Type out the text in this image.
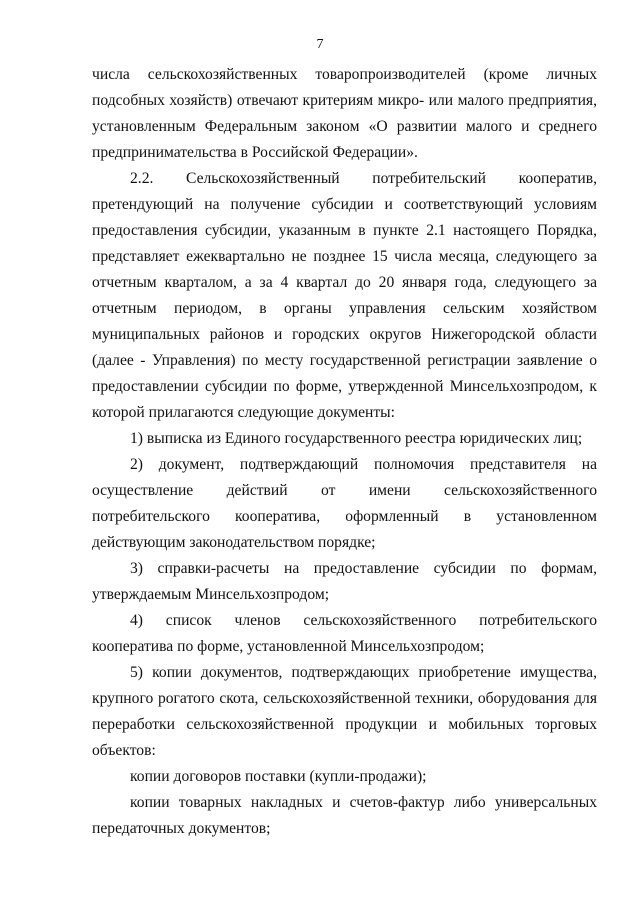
7

числа сельскохозяйственных товаропроизводителей (кроме личных подсобных хозяйств) отвечают критериям микро- или малого предприятия, установленным Федеральным законом «О развитии малого и среднего предпринимательства в Российской Федерации».

2.2. Сельскохозяйственный потребительский кооператив, претендующий на получение субсидии и соответствующий условиям предоставления субсидии, указанным в пункте 2.1 настоящего Порядка, представляет ежеквартально не позднее 15 числа месяца, следующего за отчетным кварталом, а за 4 квартал до 20 января года, следующего за отчетным периодом, в органы управления сельским хозяйством муниципальных районов и городских округов Нижегородской области (далее - Управления) по месту государственной регистрации заявление о предоставлении субсидии по форме, утвержденной Минсельхозпродом, к которой прилагаются следующие документы:

1) выписка из Единого государственного реестра юридических лиц;

2) документ, подтверждающий полномочия представителя на осуществление действий от имени сельскохозяйственного потребительского кооператива, оформленный в установленном действующим законодательством порядке;

3) справки-расчеты на предоставление субсидии по формам, утверждаемым Минсельхозпродом;

4) список членов сельскохозяйственного потребительского кооператива по форме, установленной Минсельхозпродом;

5) копии документов, подтверждающих приобретение имущества, крупного рогатого скота, сельскохозяйственной техники, оборудования для переработки сельскохозяйственной продукции и мобильных торговых объектов:

копии договоров поставки (купли-продажи);

копии товарных накладных и счетов-фактур либо универсальных передаточных документов;
